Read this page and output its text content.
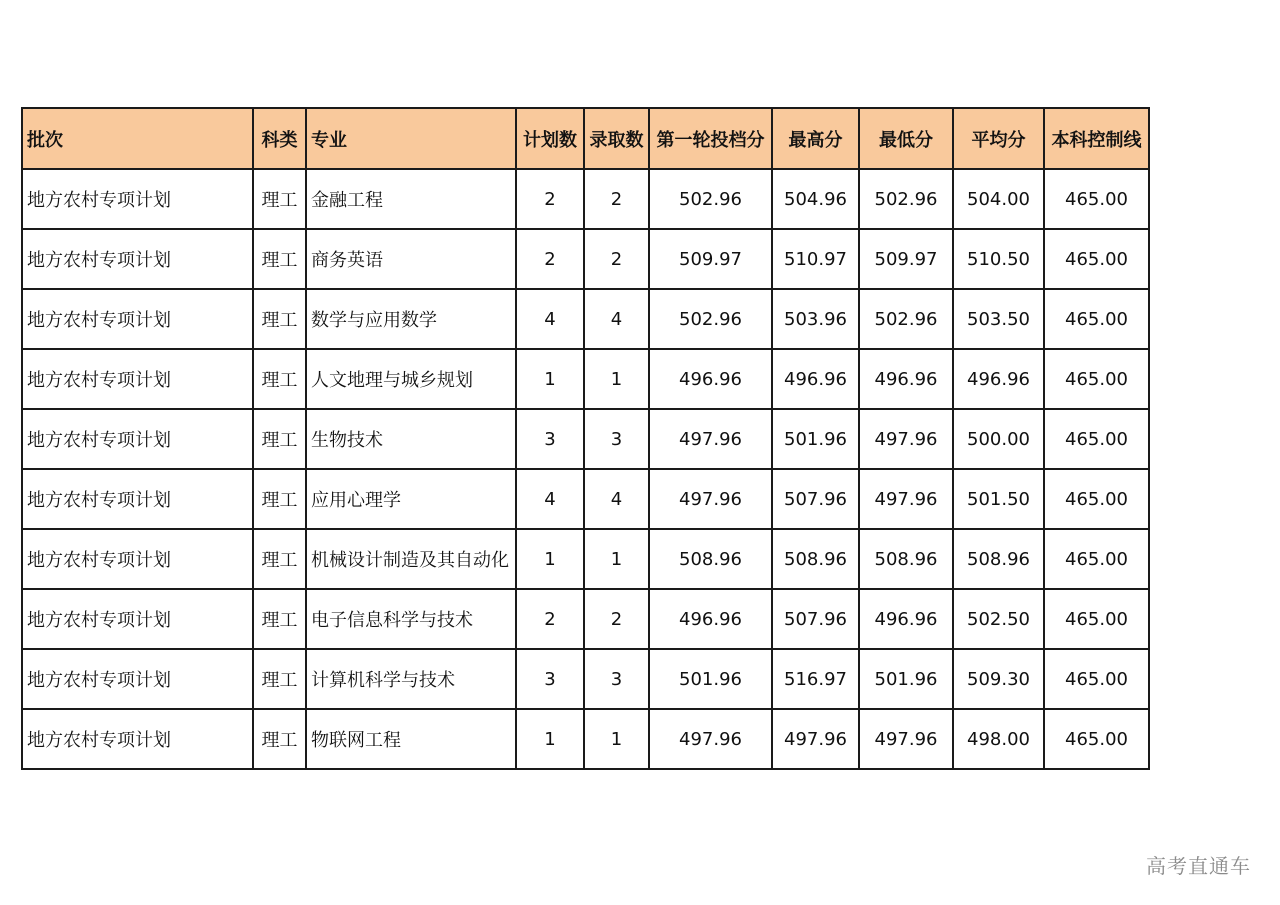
批次	科类	专业	计划数	录取数	第一轮投档分	最高分	最低分	平均分	本科控制线
地方农村专项计划	理工	金融工程	2	2	502.96	504.96	502.96	504.00	465.00
地方农村专项计划	理工	商务英语	2	2	509.97	510.97	509.97	510.50	465.00
地方农村专项计划	理工	数学与应用数学	4	4	502.96	503.96	502.96	503.50	465.00
地方农村专项计划	理工	人文地理与城乡规划	1	1	496.96	496.96	496.96	496.96	465.00
地方农村专项计划	理工	生物技术	3	3	497.96	501.96	497.96	500.00	465.00
地方农村专项计划	理工	应用心理学	4	4	497.96	507.96	497.96	501.50	465.00
地方农村专项计划	理工	机械设计制造及其自动化	1	1	508.96	508.96	508.96	508.96	465.00
地方农村专项计划	理工	电子信息科学与技术	2	2	496.96	507.96	496.96	502.50	465.00
地方农村专项计划	理工	计算机科学与技术	3	3	501.96	516.97	501.96	509.30	465.00
地方农村专项计划	理工	物联网工程	1	1	497.96	497.96	497.96	498.00	465.00
高考直通车
